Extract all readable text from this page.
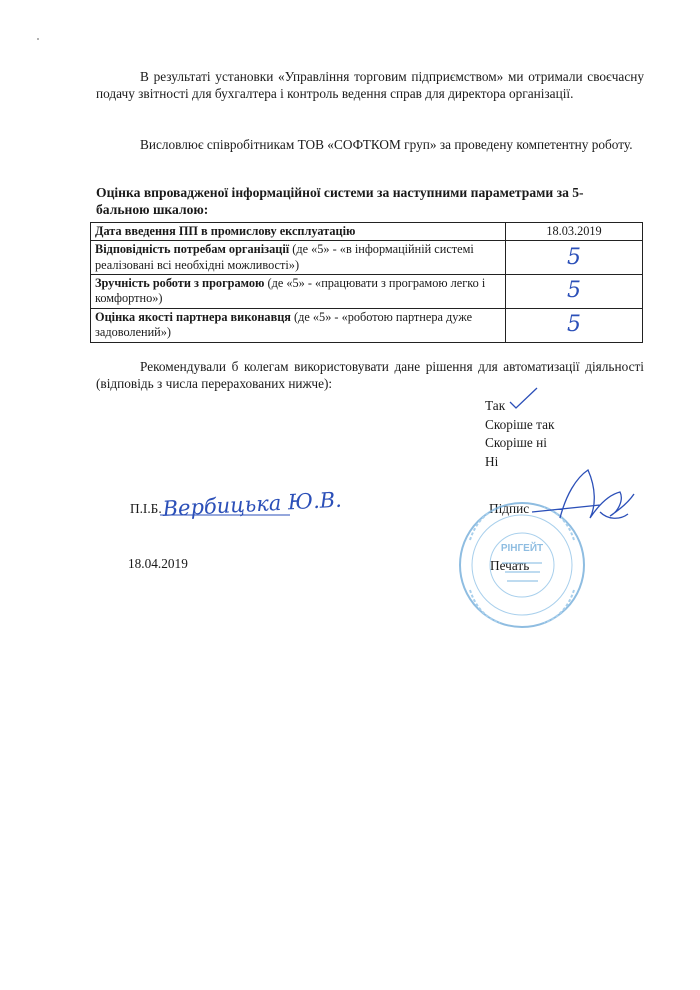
В результаті установки «Управління торговим підприємством» ми отримали своєчасну подачу звітності для бухгалтера і контроль ведення справ для директора організації.

Висловлює співробітникам ТОВ «СОФТКОМ груп» за проведену компетентну роботу.

Оцінка впровадженої інформаційної системи за наступними параметрами за 5-бальною шкалою:

Дата введення ПП в промислову експлуатацію	18.03.2019
Відповідність потребам організації (де «5» - «в інформаційній системі реалізовані всі необхідні можливості»)	5
Зручність роботи з програмою (де «5» - «працювати з програмою легко і комфортно»)	5
Оцінка якості партнера виконавця (де «5» - «роботою партнера дуже задоволений»)	5

Рекомендували б колегам використовувати дане рішення для автоматизації діяльності (відповідь з числа перерахованих нижче):

Так
Скоріше так
Скоріше ні
Ні
П.І.Б.	Підпис
18.04.2019	Печать
РІНГЕЙТ
Вербицька Ю.В.
